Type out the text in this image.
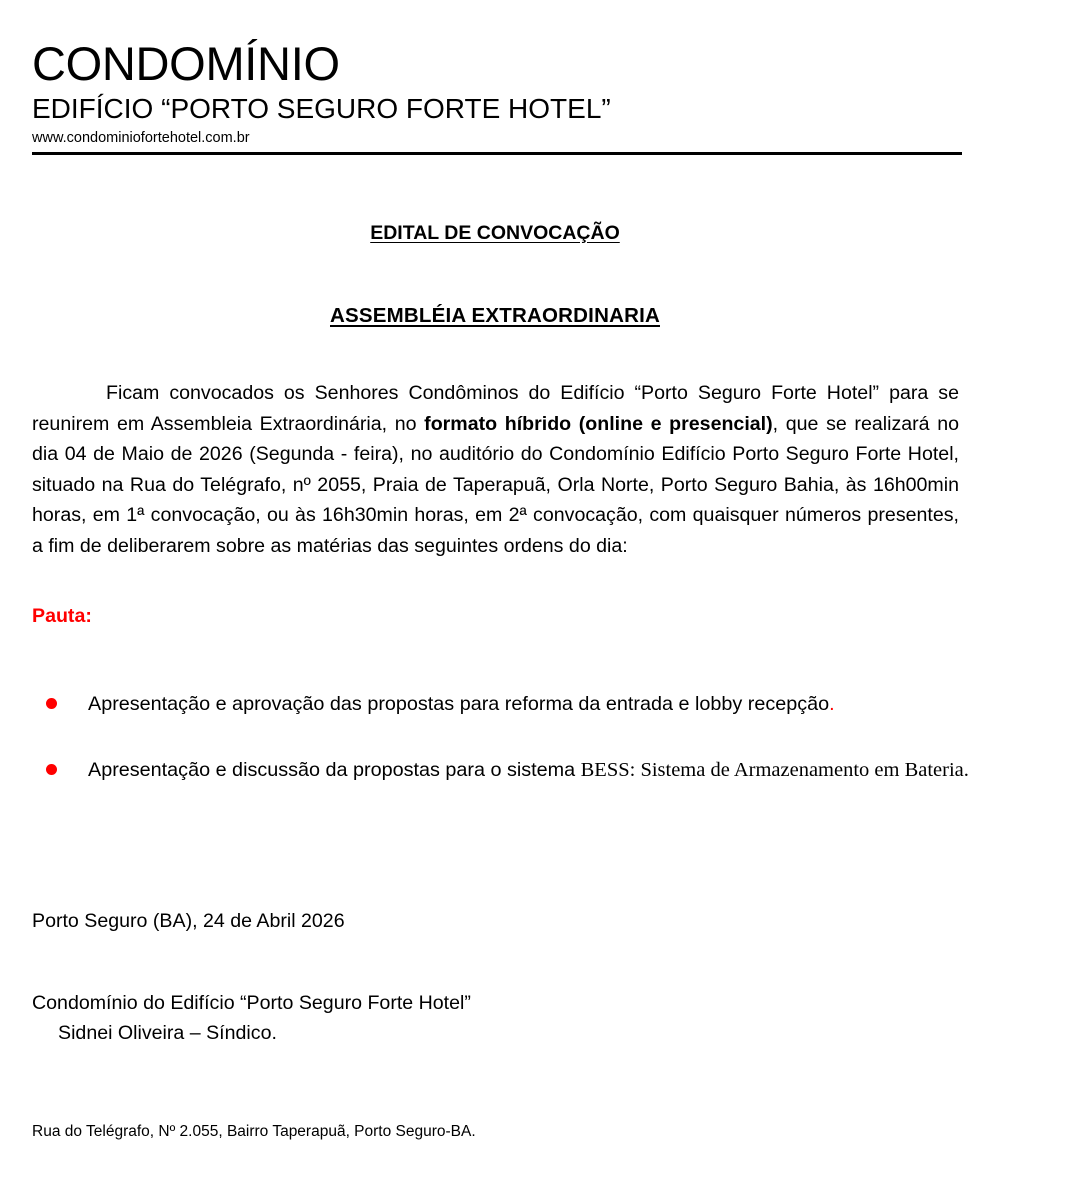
CONDOMÍNIO
EDIFÍCIO “PORTO SEGURO FORTE HOTEL”
www.condominiofortehotel.com.br
EDITAL DE CONVOCAÇÃO
ASSEMBLÉIA EXTRAORDINARIA
Ficam convocados os Senhores Condôminos do Edifício “Porto Seguro Forte Hotel” para se reunirem em Assembleia Extraordinária, no formato híbrido (online e presencial), que se realizará no dia 04 de Maio de 2026 (Segunda - feira), no auditório do Condomínio Edifício Porto Seguro Forte Hotel, situado na Rua do Telégrafo, nº 2055, Praia de Taperapuã, Orla Norte, Porto Seguro Bahia, às 16h00min horas, em 1ª convocação, ou às 16h30min horas, em 2ª convocação, com quaisquer números presentes, a fim de deliberarem sobre as matérias das seguintes ordens do dia:
Pauta:
Apresentação e aprovação das propostas para reforma da entrada e lobby recepção.
Apresentação e discussão da propostas para o sistema BESS: Sistema de Armazenamento em Bateria.
Porto Seguro (BA), 24 de Abril 2026
Condomínio do Edifício “Porto Seguro Forte Hotel”
Sidnei Oliveira – Síndico.
Rua do Telégrafo, Nº 2.055, Bairro Taperapuã, Porto Seguro-BA.
